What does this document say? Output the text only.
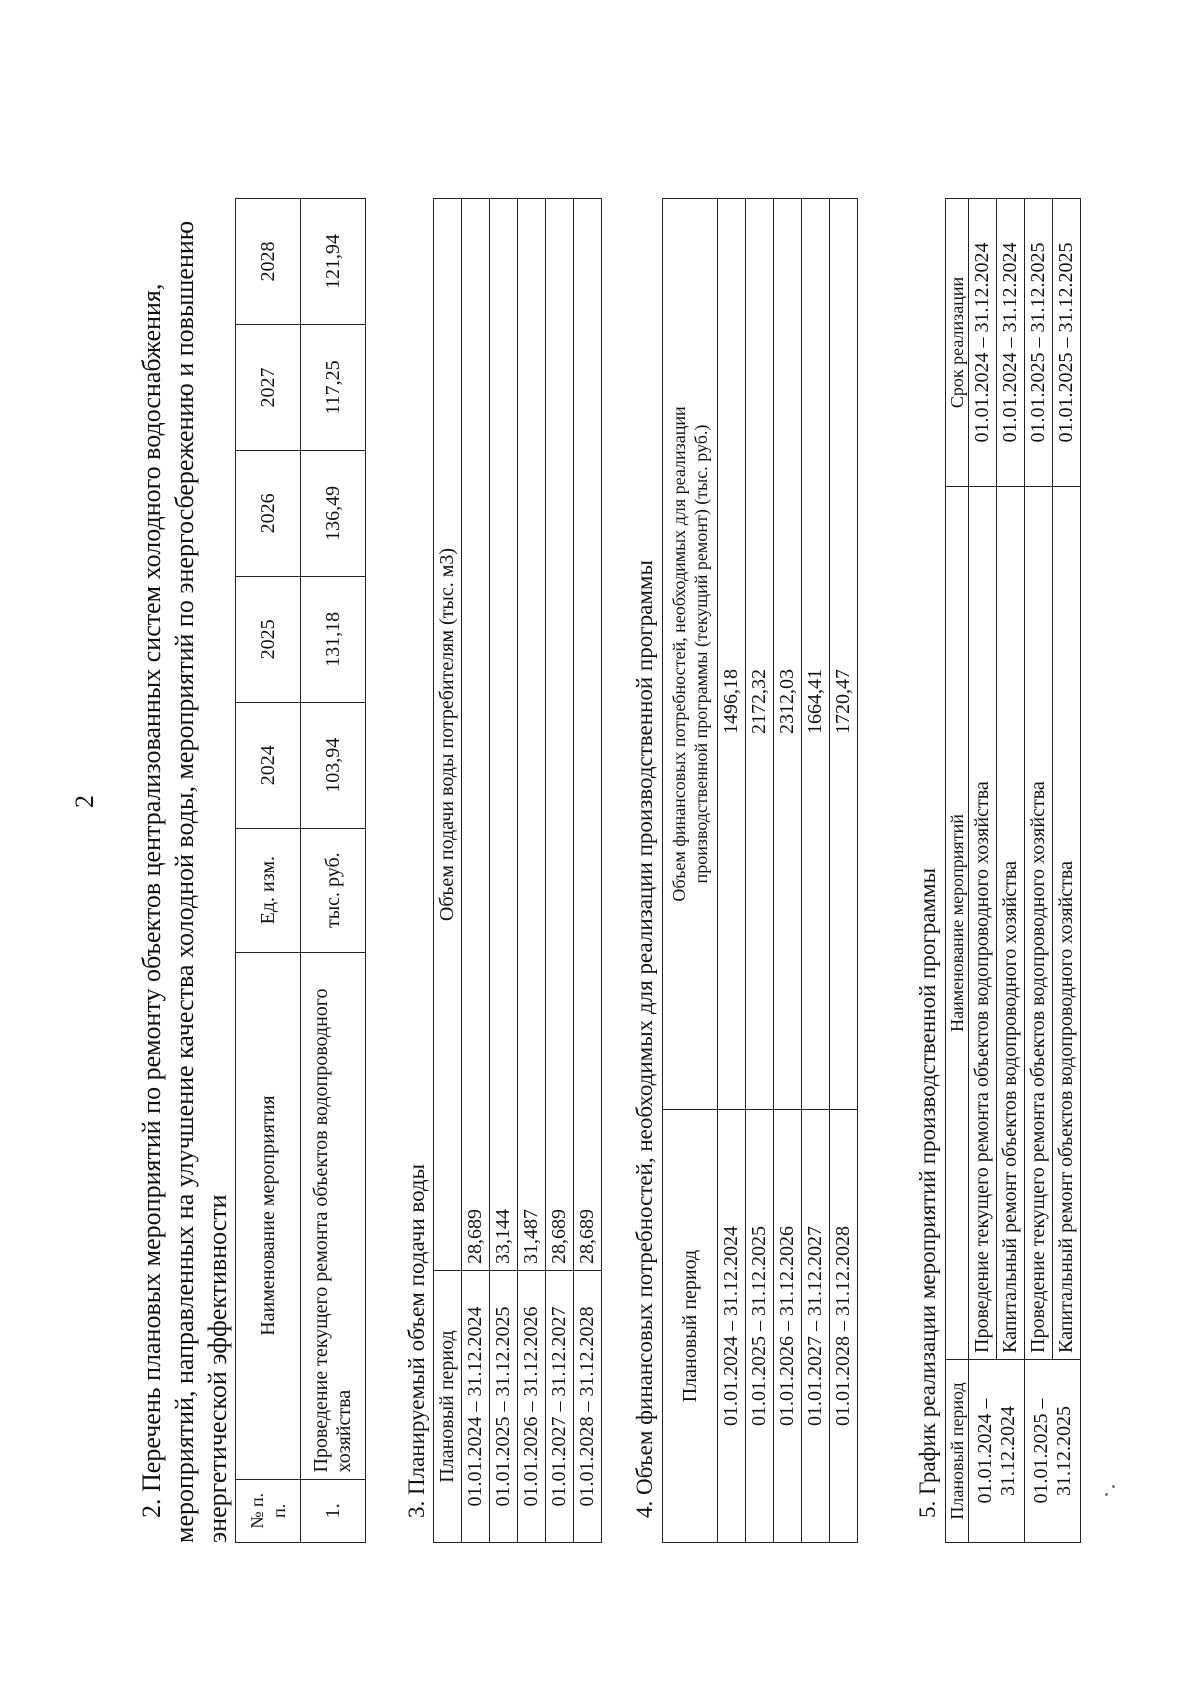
2 2. Перечень плановых мероприятий по ремонту объектов централизованных систем холодного водоснабжения, мероприятий, направленных на улучшение качества холодной воды, мероприятий по энергосбережению и повышению энергетической эффективности № п. п.	Наименование мероприятия	Ед. изм.	2024	2025	2026	2027	2028
1.	Проведение текущего ремонта объектов водопроводного хозяйства	тыс. руб.	103,94	131,18	136,49	117,25	121,94
3. Планируемый объем подачи воды Плановый период	Объем подачи воды потребителям (тыс. м3)
01.01.2024 – 31.12.2024	28,689
01.01.2025 – 31.12.2025	33,144
01.01.2026 – 31.12.2026	31,487
01.01.2027 – 31.12.2027	28,689
01.01.2028 – 31.12.2028	28,689 4. Объем финансовых потребностей, необходимых для реализации производственной программы Плановый период	Объем финансовых потребностей, необходимых для реализации производственной программы (текущий ремонт) (тыс. руб.)

01.01.2024 – 31.12.2024	1496,18
01.01.2025 – 31.12.2025	2172,32
01.01.2026 – 31.12.2026	2312,03
01.01.2027 – 31.12.2027	1664,41
01.01.2028 – 31.12.2028	1720,47
5. График реализации мероприятий производственной программы Плановый период	Наименование мероприятий	Срок реализации

01.01.2024 – 31.12.2024	Проведение текущего ремонта объектов водопроводного хозяйства	01.01.2024 – 31.12.2024
	Капитальный ремонт объектов водопроводного хозяйства	01.01.2024 – 31.12.2024

01.01.2025 – 31.12.2025	Проведение текущего ремонта объектов водопроводного хозяйства	01.01.2025 – 31.12.2025
	Капитальный ремонт объектов водопроводного хозяйства	01.01.2025 – 31.12.2025
